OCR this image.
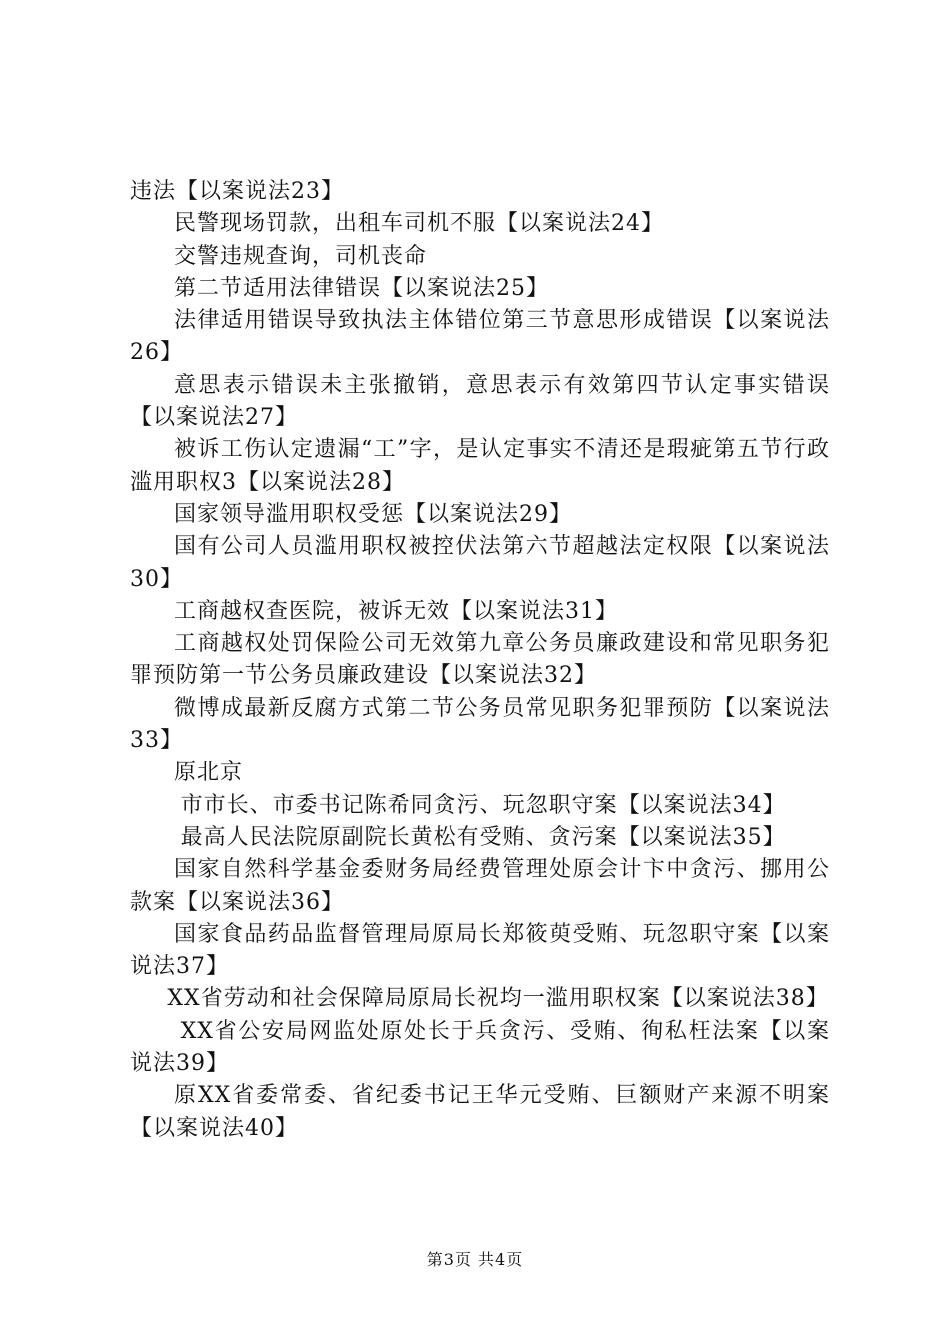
违法【以案说法23】

民警现场罚款，出租车司机不服【以案说法24】

交警违规查询，司机丧命

第二节适用法律错误【以案说法25】

法律适用错误导致执法主体错位第三节意思形成错误【以案说法26】

意思表示错误未主张撤销，意思表示有效第四节认定事实错误【以案说法27】

被诉工伤认定遗漏“工”字，是认定事实不清还是瑕疵第五节行政滥用职权3【以案说法28】

国家领导滥用职权受惩【以案说法29】

国有公司人员滥用职权被控伏法第六节超越法定权限【以案说法30】

工商越权查医院，被诉无效【以案说法31】

工商越权处罚保险公司无效第九章公务员廉政建设和常见职务犯罪预防第一节公务员廉政建设【以案说法32】

微博成最新反腐方式第二节公务员常见职务犯罪预防【以案说法33】

原北京

市市长、市委书记陈希同贪污、玩忽职守案【以案说法34】

最高人民法院原副院长黄松有受贿、贪污案【以案说法35】

国家自然科学基金委财务局经费管理处原会计卞中贪污、挪用公款案【以案说法36】

国家食品药品监督管理局原局长郑筱萸受贿、玩忽职守案【以案说法37】

XX省劳动和社会保障局原局长祝均一滥用职权案【以案说法38】

XX省公安局网监处原处长于兵贪污、受贿、徇私枉法案【以案说法39】

原XX省委常委、省纪委书记王华元受贿、巨额财产来源不明案【以案说法40】

第3页 共4页
